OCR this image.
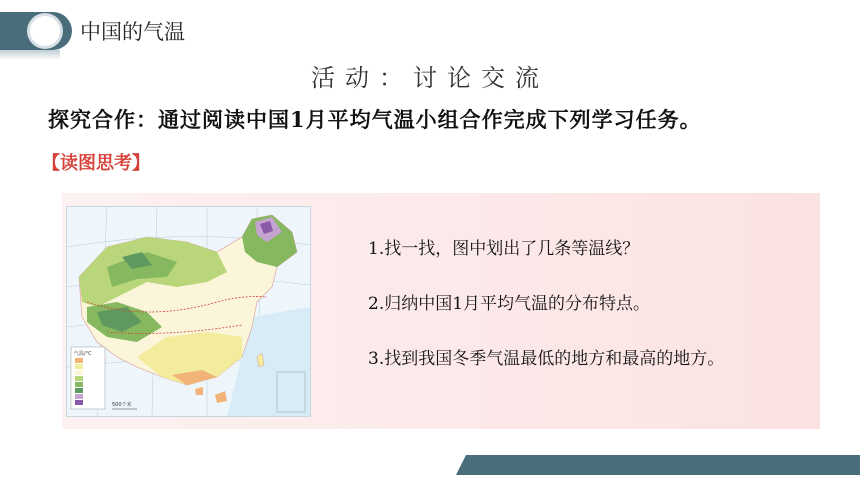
中国的气温
活动：讨论交流
探究合作：通过阅读中国1月平均气温小组合作完成下列学习任务。
【读图思考】
气温/°C
500千米
1.找一找，图中划出了几条等温线？
2.归纳中国1月平均气温的分布特点。
3.找到我国冬季气温最低的地方和最高的地方。
